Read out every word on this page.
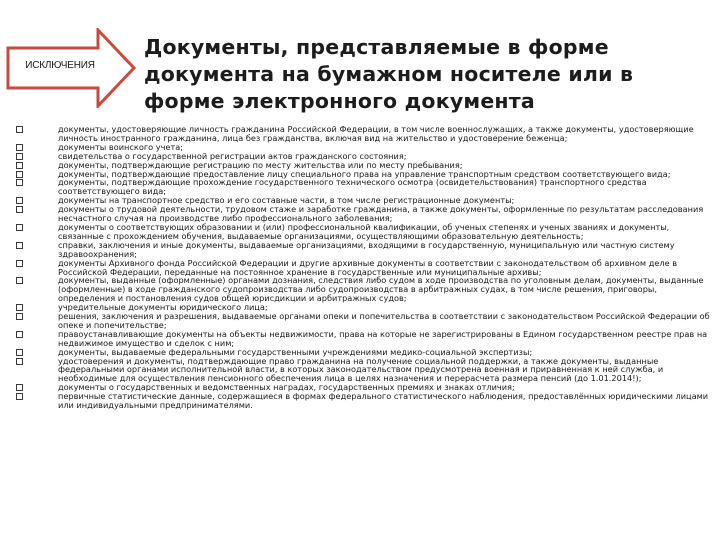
ИСКЛЮЧЕНИЯ
Документы, представляемые в форме документа на бумажном носителе или в форме электронного документа
документы, удостоверяющие личность гражданина Российской Федерации, в том числе военнослужащих, а также документы, удостоверяющие личность иностранного гражданина, лица без гражданства, включая вид на жительство и удостоверение беженца;
документы воинского учета;
свидетельства о государственной регистрации актов гражданского состояния;
документы, подтверждающие регистрацию по месту жительства или по месту пребывания;
документы, подтверждающие предоставление лицу специального права на управление транспортным средством соответствующего вида;
документы, подтверждающие прохождение государственного технического осмотра (освидетельствования) транспортного средства соответствующего вида;
документы на транспортное средство и его составные части, в том числе регистрационные документы;
документы о трудовой деятельности, трудовом стаже и заработке гражданина, а также документы, оформленные по результатам расследования несчастного случая на производстве либо профессионального заболевания;
документы о соответствующих образовании и (или) профессиональной квалификации, об ученых степенях и ученых званиях и документы, связанные с прохождением обучения, выдаваемые организациями, осуществляющими образовательную деятельность;
справки, заключения и иные документы, выдаваемые организациями, входящими в государственную, муниципальную или частную систему здравоохранения;
документы Архивного фонда Российской Федерации и другие архивные документы в соответствии с законодательством об архивном деле в Российской Федерации, переданные на постоянное хранение в государственные или муниципальные архивы;
документы, выданные (оформленные) органами дознания, следствия либо судом в ходе производства по уголовным делам, документы, выданные (оформленные) в ходе гражданского судопроизводства либо судопроизводства в арбитражных судах, в том числе решения, приговоры, определения и постановления судов общей юрисдикции и арбитражных судов;
учредительные документы юридического лица;
решения, заключения и разрешения, выдаваемые органами опеки и попечительства в соответствии с законодательством Российской Федерации об опеке и попечительстве;
правоустанавливающие документы на объекты недвижимости, права на которые не зарегистрированы в Едином государственном реестре прав на недвижимое имущество и сделок с ним;
документы, выдаваемые федеральными государственными учреждениями медико-социальной экспертизы;
удостоверения и документы, подтверждающие право гражданина на получение социальной поддержки, а также документы, выданные федеральными органами исполнительной власти, в которых законодательством предусмотрена военная и приравненная к ней служба, и необходимые для осуществления пенсионного обеспечения лица в целях назначения и перерасчета размера пенсий (до 1.01.2014!);
документы о государственных и ведомственных наградах, государственных премиях и знаках отличия;
первичные статистические данные, содержащиеся в формах федерального статистического наблюдения, предоставлённых юридическими лицами или индивидуальными предпринимателями.
